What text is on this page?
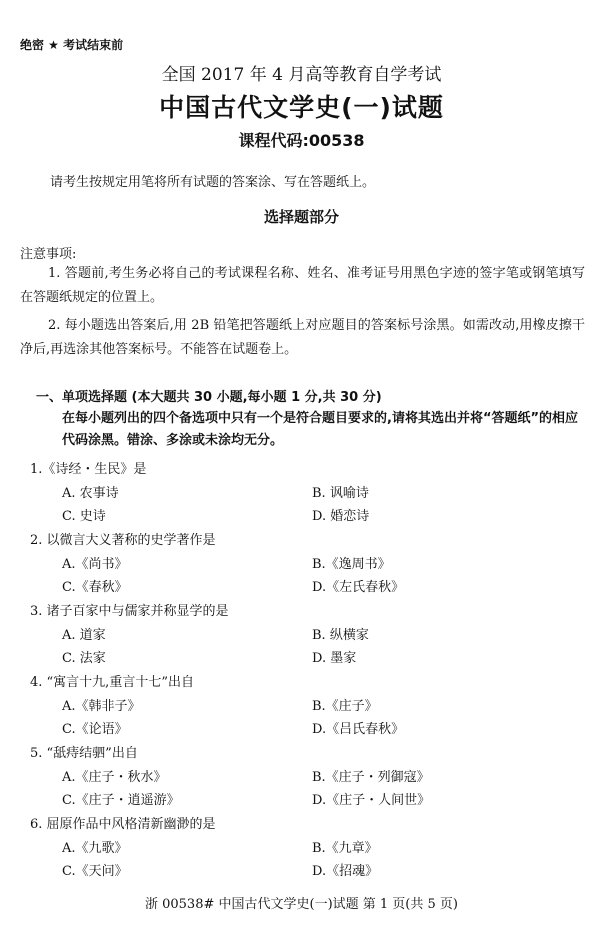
绝密 ★ 考试结束前
全国 2017 年 4 月高等教育自学考试
中国古代文学史(一)试题
课程代码:00538
请考生按规定用笔将所有试题的答案涂、写在答题纸上。
选择题部分
注意事项:
1. 答题前,考生务必将自己的考试课程名称、姓名、准考证号用黑色字迹的签字笔或钢笔填写在答题纸规定的位置上。
2. 每小题选出答案后,用 2B 铅笔把答题纸上对应题目的答案标号涂黑。如需改动,用橡皮擦干净后,再选涂其他答案标号。不能答在试题卷上。
一、单项选择题 (本大题共 30 小题,每小题 1 分,共 30 分)
在每小题列出的四个备选项中只有一个是符合题目要求的,请将其选出并将“答题纸”的相应代码涂黑。错涂、多涂或未涂均无分。
1.《诗经・生民》是
A. 农事诗	B. 讽喻诗
C. 史诗	D. 婚恋诗
2. 以微言大义著称的史学著作是
A.《尚书》	B.《逸周书》
C.《春秋》	D.《左氏春秋》
3. 诸子百家中与儒家并称显学的是
A. 道家	B. 纵横家
C. 法家	D. 墨家
4. “寓言十九,重言十七”出自
A.《韩非子》	B.《庄子》
C.《论语》	D.《吕氏春秋》
5. “舐痔结驷”出自
A.《庄子・秋水》	B.《庄子・列御寇》
C.《庄子・逍遥游》	D.《庄子・人间世》
6. 屈原作品中风格清新幽渺的是
A.《九歌》	B.《九章》
C.《天问》	D.《招魂》
浙 00538# 中国古代文学史(一)试题 第 1 页(共 5 页)
